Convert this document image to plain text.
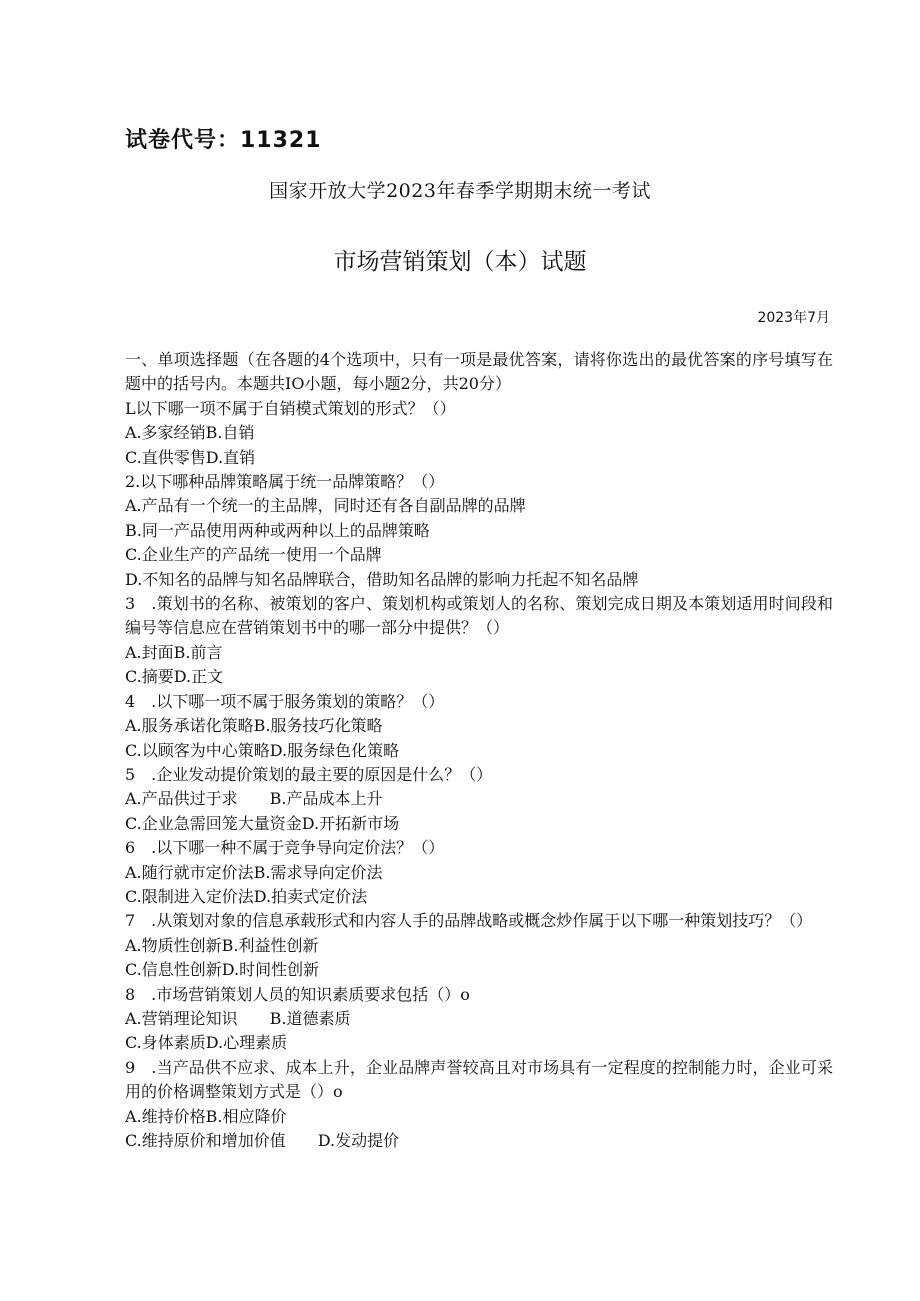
试卷代号：11321
国家开放大学2023年春季学期期末统一考试
市场营销策划（本）试题
2023年7月
一、单项选择题（在各题的4个选项中，只有一项是最优答案，请将你选出的最优答案的序号填写在题中的括号内。本题共IO小题，每小题2分，共20分）
L以下哪一项不属于自销模式策划的形式？（）
A.多家经销B.自销
C.直供零售D.直销
2.以下哪种品牌策略属于统一品牌策略？（）
A.产品有一个统一的主品牌，同时还有各自副品牌的品牌
B.同一产品使用两种或两种以上的品牌策略
C.企业生产的产品统一使用一个品牌
D.不知名的品牌与知名品牌联合，借助知名品牌的影响力托起不知名品牌
3　.策划书的名称、被策划的客户、策划机构或策划人的名称、策划完成日期及本策划适用时间段和编号等信息应在营销策划书中的哪一部分中提供？（）
A.封面B.前言
C.摘要D.正文
4　.以下哪一项不属于服务策划的策略？（）
A.服务承诺化策略B.服务技巧化策略
C.以顾客为中心策略D.服务绿色化策略
5　.企业发动提价策划的最主要的原因是什么？（）
A.产品供过于求　　B.产品成本上升
C.企业急需回笼大量资金D.开拓新市场
6　.以下哪一种不属于竞争导向定价法？（）
A.随行就市定价法B.需求导向定价法
C.限制进入定价法D.拍卖式定价法
7　.从策划对象的信息承载形式和内容人手的品牌战略或概念炒作属于以下哪一种策划技巧？（）
A.物质性创新B.利益性创新
C.信息性创新D.时间性创新
8　.市场营销策划人员的知识素质要求包括（）o
A.营销理论知识　　B.道德素质
C.身体素质D.心理素质
9　.当产品供不应求、成本上升，企业品牌声誉较高且对市场具有一定程度的控制能力时，企业可采用的价格调整策划方式是（）o
A.维持价格B.相应降价
C.维持原价和增加价值　　D.发动提价
